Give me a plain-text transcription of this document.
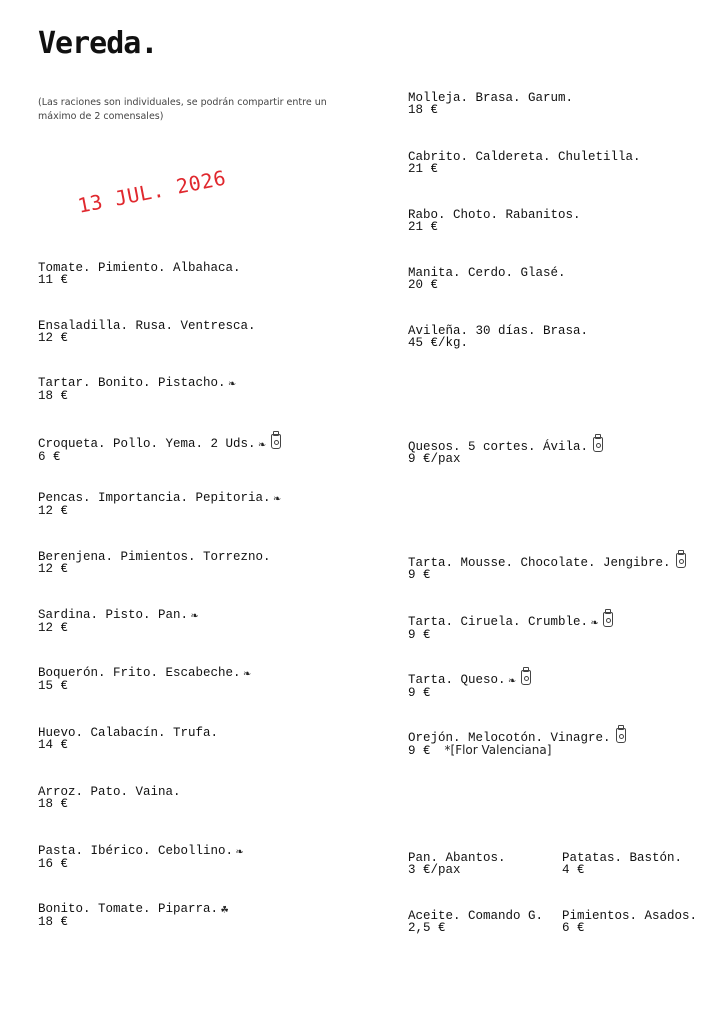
Vereda.
(Las raciones son individuales, se podrán compartir entre un máximo de 2 comensales)
13 JUL. 2026
Tomate. Pimiento. Albahaca.
11 €
Ensaladilla. Rusa. Ventresca.
12 €
Tartar. Bonito. Pistacho. ❧
18 €
Croqueta. Pollo. Yema. 2 Uds. ❧
6 €
Pencas. Importancia. Pepitoria. ❧
12 €
Berenjena. Pimientos. Torrezno.
12 €
Sardina. Pisto. Pan. ❧
12 €
Boquerón. Frito. Escabeche. ❧
15 €
Huevo. Calabacín. Trufa.
14 €
Arroz. Pato. Vaina.
18 €
Pasta. Ibérico. Cebollino. ❧
16 €
Bonito. Tomate. Piparra. ☘
18 €
Molleja. Brasa. Garum.
18 €
Cabrito. Caldereta. Chuletilla.
21 €
Rabo. Choto. Rabanitos.
21 €
Manita. Cerdo. Glasé.
20 €
Avileña. 30 días. Brasa.
45 €/kg.
Quesos. 5 cortes. Ávila.
9 €/pax
Tarta. Mousse. Chocolate. Jengibre.
9 €
Tarta. Ciruela. Crumble. ❧
9 €
Tarta. Queso. ❧
9 €
Orejón. Melocotón. Vinagre.
9 € *[Flor Valenciana]
Pan. Abantos.
3 €/pax
Patatas. Bastón.
4 €
Aceite. Comando G.
2,5 €
Pimientos. Asados.
6 €
